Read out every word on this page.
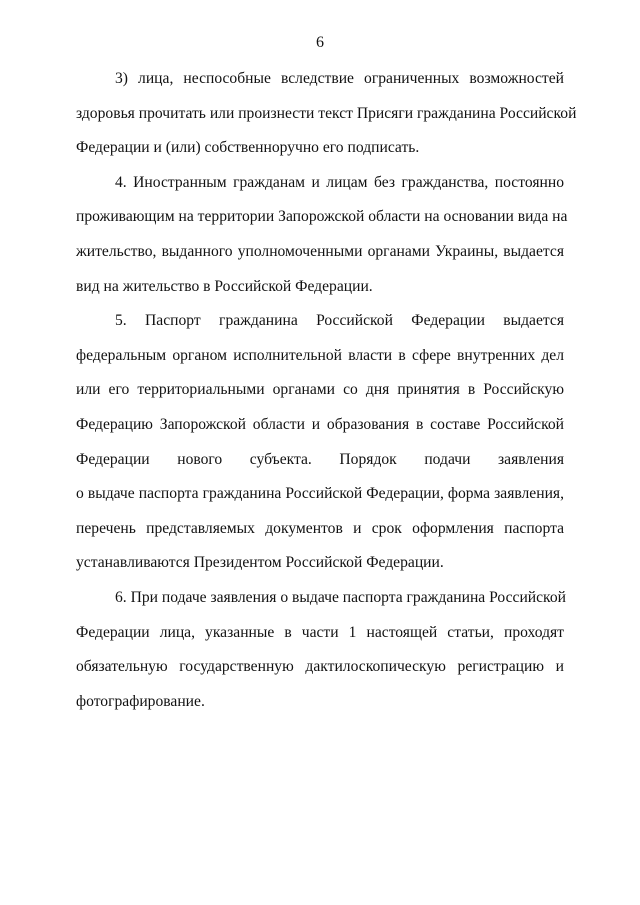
6
3) лица, неспособные вследствие ограниченных возможностей
здоровья прочитать или произнести текст Присяги гражданина Российской
Федерации и (или) собственноручно его подписать.
4. Иностранным гражданам и лицам без гражданства, постоянно
проживающим на территории Запорожской области на основании вида на
жительство, выданного уполномоченными органами Украины, выдается
вид на жительство в Российской Федерации.
5. Паспорт гражданина Российской Федерации выдается
федеральным органом исполнительной власти в сфере внутренних дел
или его территориальными органами со дня принятия в Российскую
Федерацию Запорожской области и образования в составе Российской
Федерации нового субъекта. Порядок подачи заявления
о выдаче паспорта гражданина Российской Федерации, форма заявления,
перечень представляемых документов и срок оформления паспорта
устанавливаются Президентом Российской Федерации.
6. При подаче заявления о выдаче паспорта гражданина Российской
Федерации лица, указанные в части 1 настоящей статьи, проходят
обязательную государственную дактилоскопическую регистрацию и
фотографирование.
